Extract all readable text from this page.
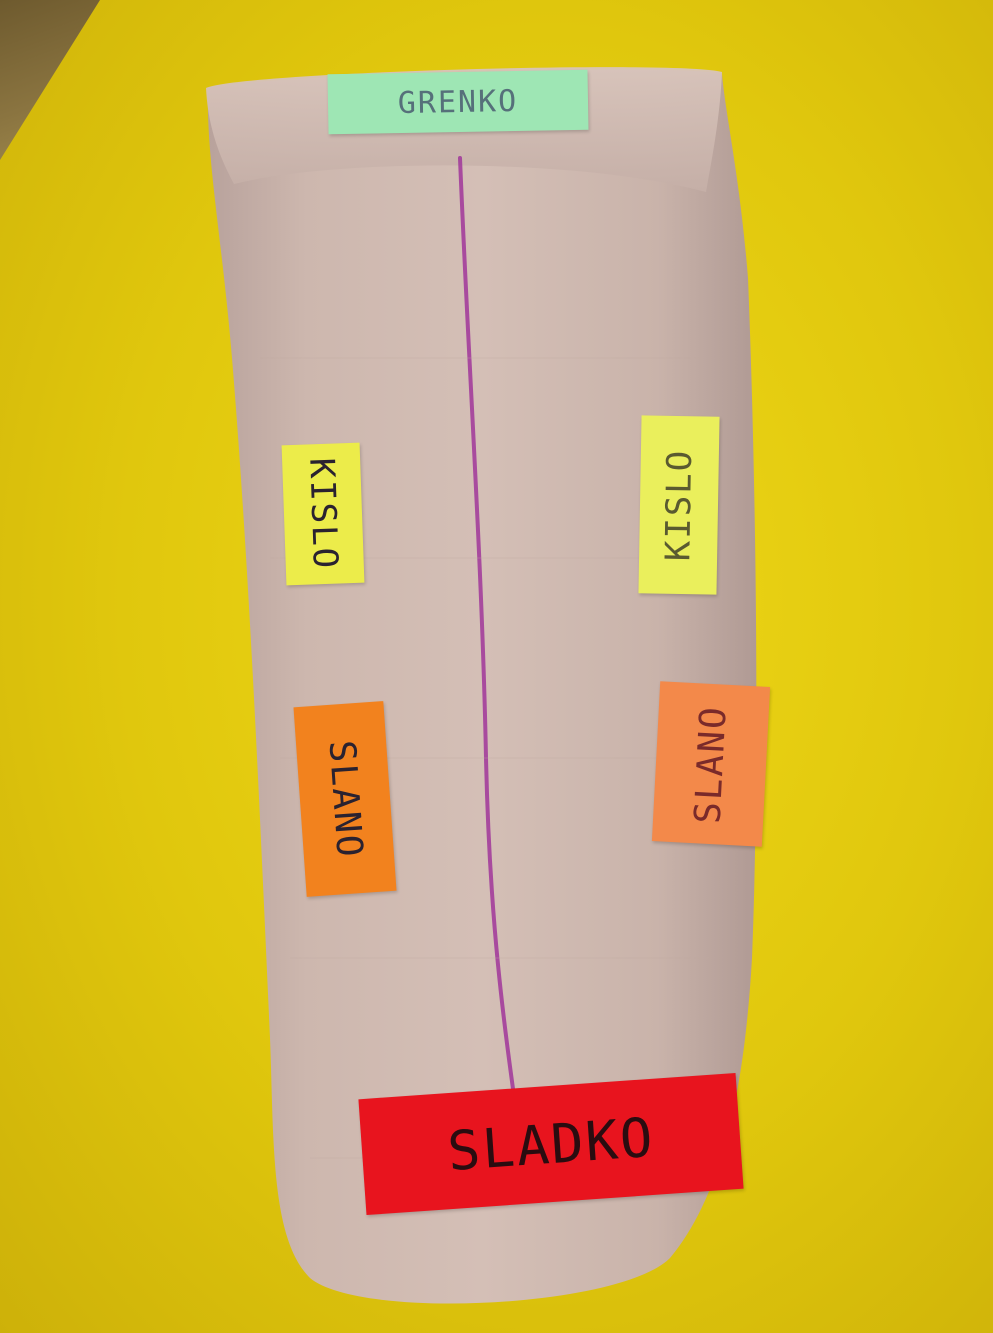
GRENKO
KISLO	KISLO
SLANO	SLANO
SLADKO
